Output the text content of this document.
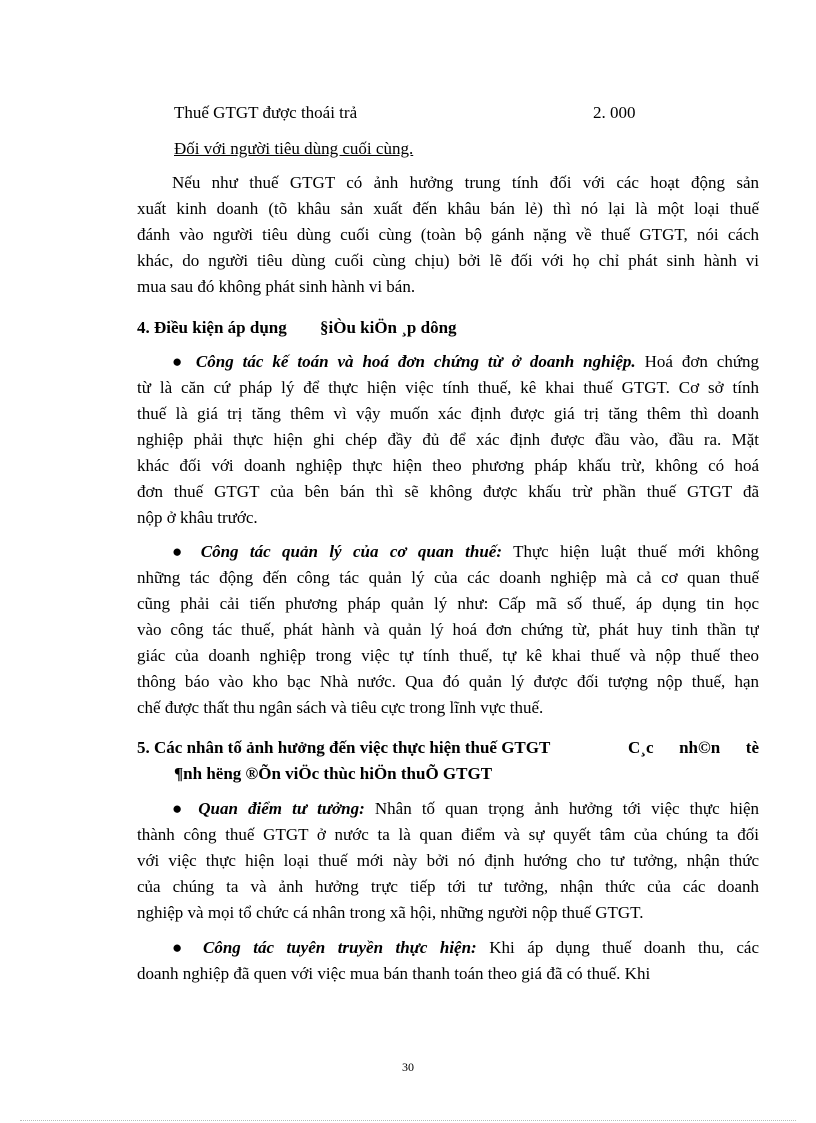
Thuế GTGT được thoái trả	2. 000
Đối với người tiêu dùng cuối cùng.
Nếu như thuế GTGT có ảnh hưởng trung tính đối với các hoạt động sản
xuất kinh doanh (tõ khâu sản xuất đến khâu bán lẻ) thì nó lại là một loại thuế
đánh vào người tiêu dùng cuối cùng (toàn bộ gánh nặng về thuế GTGT, nói cách
khác, do người tiêu dùng cuối cùng chịu) bởi lẽ đối với họ chỉ phát sinh hành vi
mua sau đó không phát sinh hành vi bán.
4. Điều kiện áp dụng §iÒu kiÖn ¸p dông
● Công tác kế toán và hoá đơn chứng từ ở doanh nghiệp. Hoá đơn chứng
từ là căn cứ pháp lý để thực hiện việc tính thuế, kê khai thuế GTGT. Cơ sở tính
thuế là giá trị tăng thêm vì vậy muốn xác định được giá trị tăng thêm thì doanh
nghiệp phải thực hiện ghi chép đầy đủ để xác định được đầu vào, đầu ra. Mặt
khác đối với doanh nghiệp thực hiện theo phương pháp khấu trừ, không có hoá
đơn thuế GTGT của bên bán thì sẽ không được khấu trừ phần thuế GTGT đã
nộp ở khâu trước.
● Công tác quản lý của cơ quan thuế: Thực hiện luật thuế mới không
những tác động đến công tác quản lý của các doanh nghiệp mà cả cơ quan thuế
cũng phải cải tiến phương pháp quản lý như: Cấp mã số thuế, áp dụng tin học
vào công tác thuế, phát hành và quản lý hoá đơn chứng từ, phát huy tinh thần tự
giác của doanh nghiệp trong việc tự tính thuế, tự kê khai thuế và nộp thuế theo
thông báo vào kho bạc Nhà nước. Qua đó quản lý được đối tượng nộp thuế, hạn
chế được thất thu ngân sách và tiêu cực trong lĩnh vực thuế.
5. Các nhân tố ảnh hưởng đến việc thực hiện thuế GTGT	C¸c nh©n tè
¶nh hëng ®Õn viÖc thùc hiÖn thuÕ GTGT
● Quan điểm tư tưởng: Nhân tố quan trọng ảnh hưởng tới việc thực hiện
thành công thuế GTGT ở nước ta là quan điểm và sự quyết tâm của chúng ta đối
với việc thực hiện loại thuế mới này bởi nó định hướng cho tư tưởng, nhận thức
của chúng ta và ảnh hưởng trực tiếp tới tư tưởng, nhận thức của các doanh
nghiệp và mọi tổ chức cá nhân trong xã hội, những người nộp thuế GTGT.
● Công tác tuyên truyền thực hiện: Khi áp dụng thuế doanh thu, các
doanh nghiệp đã quen với việc mua bán thanh toán theo giá đã có thuế. Khi
30
